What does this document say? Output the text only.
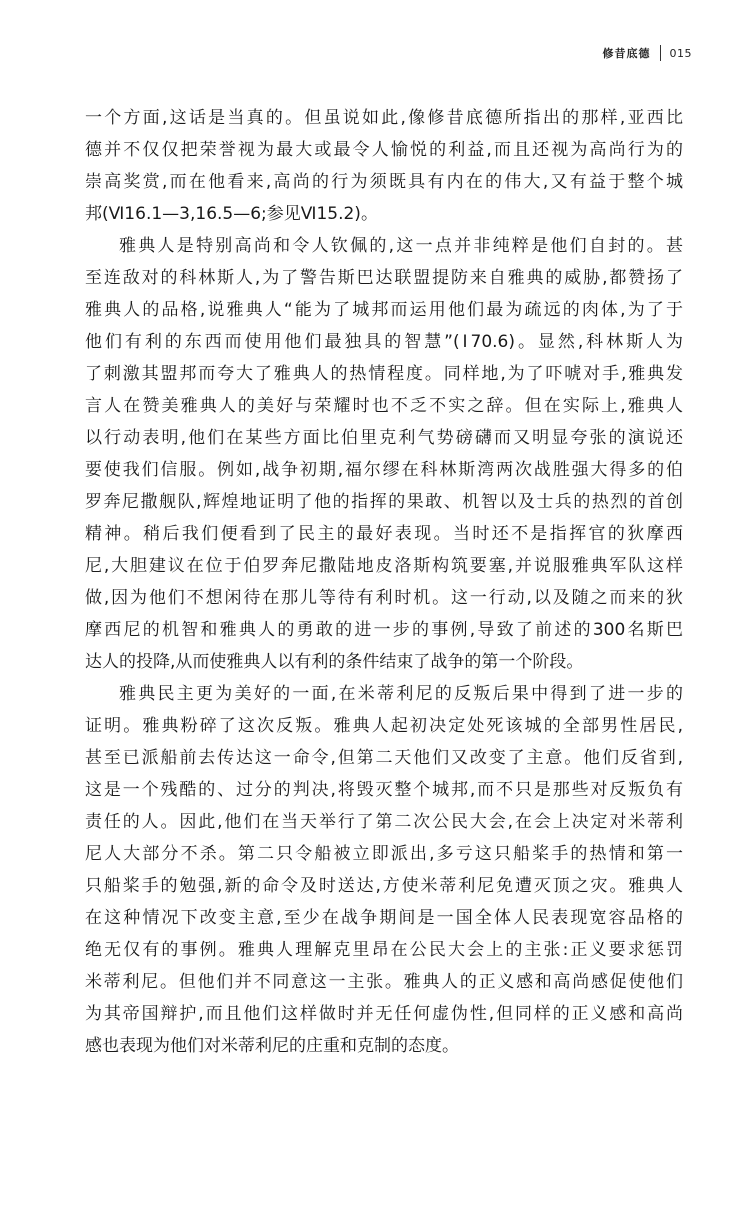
修昔底德 015
一个方面,这话是当真的。但虽说如此,像修昔底德所指出的那样,亚西比
德并不仅仅把荣誉视为最大或最令人愉悦的利益,而且还视为高尚行为的
崇高奖赏,而在他看来,高尚的行为须既具有内在的伟大,又有益于整个城
邦(Ⅵ16.1—3,16.5—6;参见Ⅵ15.2)。
雅典人是特别高尚和令人钦佩的,这一点并非纯粹是他们自封的。甚
至连敌对的科林斯人,为了警告斯巴达联盟提防来自雅典的威胁,都赞扬了
雅典人的品格,说雅典人“能为了城邦而运用他们最为疏远的肉体,为了于
他们有利的东西而使用他们最独具的智慧”(Ⅰ70.6)。显然,科林斯人为
了刺激其盟邦而夸大了雅典人的热情程度。同样地,为了吓唬对手,雅典发
言人在赞美雅典人的美好与荣耀时也不乏不实之辞。但在实际上,雅典人
以行动表明,他们在某些方面比伯里克利气势磅礴而又明显夸张的演说还
要使我们信服。例如,战争初期,福尔缪在科林斯湾两次战胜强大得多的伯
罗奔尼撒舰队,辉煌地证明了他的指挥的果敢、机智以及士兵的热烈的首创
精神。稍后我们便看到了民主的最好表现。当时还不是指挥官的狄摩西
尼,大胆建议在位于伯罗奔尼撒陆地皮洛斯构筑要塞,并说服雅典军队这样
做,因为他们不想闲待在那儿等待有利时机。这一行动,以及随之而来的狄
摩西尼的机智和雅典人的勇敢的进一步的事例,导致了前述的300名斯巴
达人的投降,从而使雅典人以有利的条件结束了战争的第一个阶段。
雅典民主更为美好的一面,在米蒂利尼的反叛后果中得到了进一步的
证明。雅典粉碎了这次反叛。雅典人起初决定处死该城的全部男性居民,
甚至已派船前去传达这一命令,但第二天他们又改变了主意。他们反省到,
这是一个残酷的、过分的判决,将毁灭整个城邦,而不只是那些对反叛负有
责任的人。因此,他们在当天举行了第二次公民大会,在会上决定对米蒂利
尼人大部分不杀。第二只令船被立即派出,多亏这只船桨手的热情和第一
只船桨手的勉强,新的命令及时送达,方使米蒂利尼免遭灭顶之灾。雅典人
在这种情况下改变主意,至少在战争期间是一国全体人民表现宽容品格的
绝无仅有的事例。雅典人理解克里昂在公民大会上的主张:正义要求惩罚
米蒂利尼。但他们并不同意这一主张。雅典人的正义感和高尚感促使他们
为其帝国辩护,而且他们这样做时并无任何虚伪性,但同样的正义感和高尚
感也表现为他们对米蒂利尼的庄重和克制的态度。
